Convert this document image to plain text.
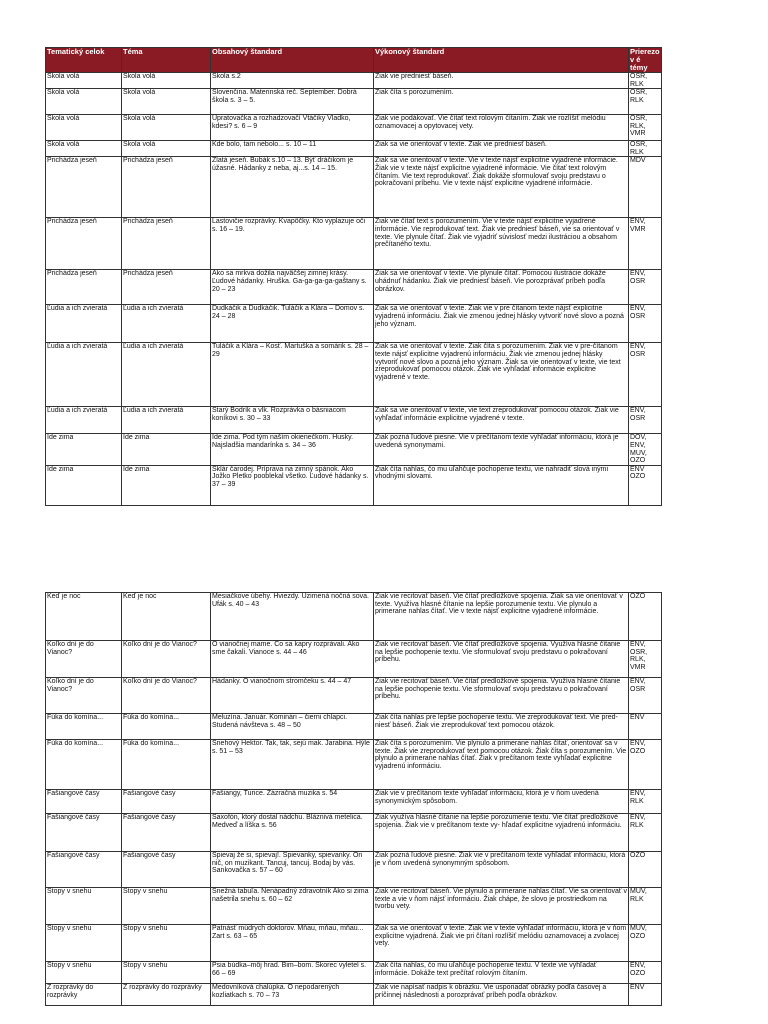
Tematický celok	Téma	Obsahový štandard	Výkonový štandard	Prierezov é témy
Škola volá	Škola volá	Škola s.2	Žiak vie predniesť báseň.	OSR, RLK
Škola volá	Škola volá	Slovenčina. Materinská reč. September. Dobrá škola s. 3 – 5.	Žiak číta s porozumením.	OSR, RLK
Škola volá	Škola volá	Upratovačka a rozhadzovačí Vtáčiky Vladko, kdesi? s. 6 – 9	Žiak vie podákovať. Vie čítať text rolovým čítaním. Žiak vie rozlíšiť melódiu oznamovacej a opytovacej vety.	OSR, RLK, VMR
Škola volá	Škola volá	Kde bolo, tam nebolo... s. 10 – 11	Žiak sa vie orientovať v texte. Žiak vie predniesť báseň.	OSR, RLK
Prichádza jeseň	Prichádza jeseň	Zlatá jeseň. Bubák s.10 – 13. Býť dráčikom je úžasné. Hádanky z neba, aj...s. 14 – 15.	Žiak sa vie orientovať v texte. Vie v texte nájsť explicitne vyjadrené informácie. Žiak vie v texte nájsť explicitne vyjadrené informácie. Vie čítať text rolovým čítaním. Vie text reprodukovať. Žiak dokáže sformulovať svoju predstavu o pokračovaní príbehu. Vie v texte nájsť explicitne vyjadrené informácie.	MDV
Prichádza jeseň	Prichádza jeseň	Lastovičie rozprávky. Kvapôčky. Kto vyplazuje oči s. 16 – 19.	Žiak vie čítať text s porozumením. Vie v texte nájsť explicitne vyjadrené informácie. Vie reprodukovať text. Žiak vie predniesť báseň, vie sa orientovať v texte. Vie plynule čítať. Žiak vie vyjadriť súvislosť medzi ilustráciou a obsahom prečítaného textu.	ENV, VMR
Prichádza jeseň	Prichádza jeseň	Ako sa mrkva dožila najväčšej zimnej krásy. Ľudové hádanky. Hruška. Ga-ga-ga-ga-gaštany s. 20 – 23	Žiak sa vie orientovať v texte. Vie plynule čítať. Pomocou ilustrácie dokáže uhádnuť hádanku. Žiak vie predniesť báseň. Vie porozprávať príbeh podľa obrázkov.	ENV, OSR
Ľudia a ich zvieratá	Ľudia a ich zvieratá	Dudkáčik a Dudkáčik. Tuláčik a Klára – Domov s. 24 – 28	Žiak sa vie orientovať v texte. Žiak vie v pre čítanom texte nájsť explicitne vyjadrenú informáciu. Žiak vie zmenou jednej hlásky vytvoriť nové slovo a pozná jeho význam.	ENV, OSR
Ľudia a ich zvieratá	Ľudia a ich zvieratá	Tuláčik a Klára – Kosť. Martuška a somárik s. 28 – 29	Žiak sa vie orientovať v texte. Žiak číta s porozumením. Žiak vie v pre-čítanom texte nájsť explicitne vyjadrenú informáciu. Žiak vie zmenou jednej hlásky vytvoriť nové slovo a pozná jeho význam. Žiak sa vie orientovať v texte, vie text zreprodukovať pomocou otázok. Žiak vie vyhľadať informácie explicitne vyjadrené v texte.	ENV, OSR
Ľudia a ich zvieratá	Ľudia a ich zvieratá	Starý Bodrík a vlk. Rozprávka o básniacom koníkovi s. 30 – 33	Žiak sa vie orientovať v texte, vie text zreprodukovať pomocou otázok. Žiak vie vyhľadať informácie explicitne vyjadrené v texte.	ENV, OSR
Ide zima	Ide zima	Ide zima. Pod tým naším okienečkom. Husky. Najsladšia mandarínka s. 34 – 36	Žiak pozná ľudové piesne. Vie v prečítanom texte vyhľadať informáciu, ktorá je uvedená synonymami.	DOV, ENV, MUV, OZO
Ide zima	Ide zima	Sklár čarodej. Príprava na zimný spánok. Ako Jožko Pletko pooblekal všetko. Ľudové hádanky s. 37 – 39	Žiak číta nahlas, čo mu uľahčuje pochopenie textu, vie nahradiť slová inými vhodnými slovami.	ENV OZO
Keď je noc	Keď je noc	Mesiačkove úbehy. Hviezdy. Uzimená nočná sova. Ufák s. 40 – 43	Žiak vie recitovať báseň. Vie čítať predložkové spojenia. Žiak sa vie orientovať v texte. Využíva hlasné čítanie na lepšie porozumenie textu. Vie plynulo a primerane nahlas čítať. Vie v texte nájsť explicitne vyjadrené informácie.	OZO
Koľko dní je do Vianoc?	Koľko dní je do Vianoc?	O vianočnej mame. Čo sa kapry rozprávali. Ako sme čakali. Vianoce s. 44 – 46	Žiak vie recitovať báseň. Vie čítať predložkové spojenia. Využíva hlasné čítanie na lepšie pochopenie textu. Vie sformulovať svoju predstavu o pokračovaní príbehu.	ENV, OSR, RLK, VMR
Koľko dní je do Vianoc?	Koľko dní je do Vianoc?	Hádanky. O vianočnom stromčeku s. 44 – 47	Žiak vie recitovať báseň. Vie čítať predložkové spojenia. Využíva hlasné čítanie na lepšie pochopenie textu. Vie sformulovať svoju predstavu o pokračovaní príbehu.	ENV, OSR
Fúka do komína...	Fúka do komína...	Meluzína. Január. Kominári – čierni chlapci. Studená návšteva s. 48 – 50	Žiak číta nahlas pre lepšie pochopenie textu. Vie zreprodukovať text. Vie pred- niesť báseň. Žiak vie zreprodukovať text pomocou otázok.	ENV
Fúka do komína...	Fúka do komína...	Snehový Hektor. Tak, tak, sejú mak. Jarabina. Hýle s. 51 – 53	Žiak číta s porozumením. Vie plynulo a primerane nahlas čítať, orientovať sa v texte. Žiak vie zreprodukovať text pomocou otázok. Žiak číta s porozumením. Vie plynulo a primerane nahlas čítať. Žiak v prečítanom texte vyhľadať explicitne vyjadrenú informáciu.	ENV, OZO
Fašiangové časy	Fašiangové časy	Fašiangy, Turice. Zázračná muzika s. 54	Žiak vie v prečítanom texte vyhľadať informáciu, ktorá je v ňom uvedená synonymickým spôsobom.	ENV, RLK
Fašiangové časy	Fašiangové časy	Saxofón, ktorý dostal nádchu. Bláznivá metelica. Medveď a líška s. 56	Žiak využíva hlasné čítanie na lepšie porozumenie textu. Vie čítať predložkové spojenia. Žiak vie v prečítanom texte vy- hľadať explicitne vyjadrenú informáciu.	ENV, RLK
Fašiangové časy	Fašiangové časy	Spievaj že si, spievaj!. Spievanky, spievanky. Ón nič, on muzikant. Tancuj, tancuj. Bodaj by vás. Sankovačka s. 57 – 60	Žiak pozná ľudové piesne. Žiak vie v prečítanom texte vyhľadať informáciu, ktorá je v ňom uvedená synonymným spôsobom.	OZO
Stopy v snehu	Stopy v snehu	Snežná tabuľa. Nenápadný zdravotník Ako si zima našetrila snehu s. 60 – 62	Žiak vie recitovať báseň. Vie plynulo a primerane nahlas čítať. Vie sa orientovať v texte a vie v ňom nájsť informáciu. Žiak chápe, že slovo je prostriedkom na tvorbu vety.	MUV, RLK
Stopy v snehu	Stopy v snehu	Patnásť múdrych doktorov. Mňau, mňau, mňau... Zart s. 63 – 65	Žiak sa vie orientovať v texte. Žiak vie v texte vyhľadať informáciu, ktorá je v ňom explicitne vyjadrená. Žiak vie pri čítaní rozlíšiť melódiu oznamovacej a zvolacej vety.	MUV, OZO
Stopy v snehu	Stopy v snehu	Psia búdka–môj hrad. Bim–bom. Škorec vyletel s. 66 – 69	Žiak číta nahlas, čo mu uľahčuje pochopenie textu. V texte vie vyhľadať informácie. Dokáže text prečítať rolovým čítaním.	ENV, OZO
Z rozprávky do rozprávky	Z rozprávky do rozprávky	Medovníková chalúpka. O nepodarených kozliatkach s. 70 – 73	Žiak vie napísať nadpis k obrázku. Vie usporiadať obrázky podľa časovej a príčinnej následnosti a porozprávať príbeh podľa obrázkov.	ENV
